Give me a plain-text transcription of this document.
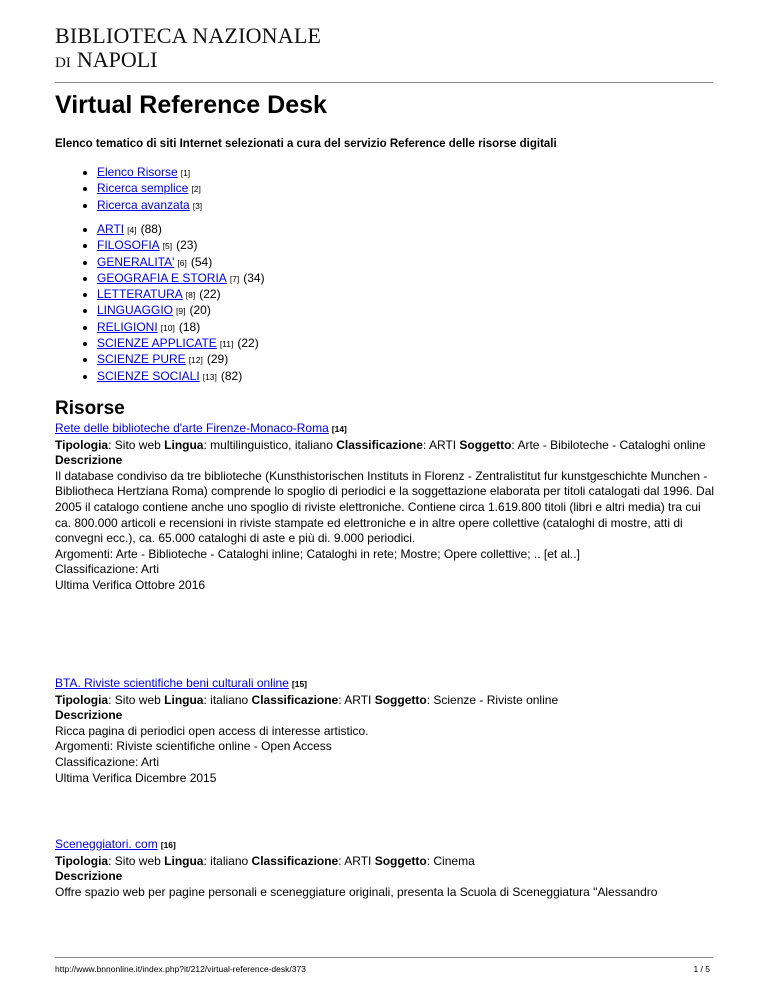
BIBLIOTECA NAZIONALE
DI NAPOLI
Virtual Reference Desk
Elenco tematico di siti Internet selezionati a cura del servizio Reference delle risorse digitali
• Elenco Risorse [1]
• Ricerca semplice [2]
• Ricerca avanzata [3]
• ARTI [4] (88)
• FILOSOFIA [5] (23)
• GENERALITA' [6] (54)
• GEOGRAFIA E STORIA [7] (34)
• LETTERATURA [8] (22)
• LINGUAGGIO [9] (20)
• RELIGIONI [10] (18)
• SCIENZE APPLICATE [11] (22)
• SCIENZE PURE [12] (29)
• SCIENZE SOCIALI [13] (82)
Risorse

Rete delle biblioteche d'arte Firenze-Monaco-Roma [14]

Tipologia: Sito web Lingua: multilinguistico, italiano Classificazione: ARTI Soggetto: Arte - Bibiloteche - Cataloghi online

Descrizione

Il database condiviso da tre biblioteche (Kunsthistorischen Instituts in Florenz - Zentralistitut fur kunstgeschichte Munchen - Bibliotheca Hertziana Roma) comprende lo spoglio di periodici e la soggettazione elaborata per titoli catalogati dal 1996. Dal 2005 il catalogo contiene anche uno spoglio di riviste elettroniche. Contiene circa 1.619.800 titoli (libri e altri media) tra cui ca. 800.000 articoli e recensioni in riviste stampate ed elettroniche e in altre opere collettive (cataloghi di mostre, atti di convegni ecc.), ca. 65.000 cataloghi di aste e più di. 9.000 periodici.

Argomenti: Arte - Biblioteche - Cataloghi inline; Cataloghi in rete; Mostre; Opere collettive; .. [et al..]

Classificazione: Arti

Ultima Verifica Ottobre 2016

BTA. Riviste scientifiche beni culturali online [15]

Tipologia: Sito web Lingua: italiano Classificazione: ARTI Soggetto: Scienze - Riviste online

Descrizione

Ricca pagina di periodici open access di interesse artistico.

Argomenti: Riviste scientifiche online - Open Access

Classificazione: Arti

Ultima Verifica Dicembre 2015

Sceneggiatori. com [16]

Tipologia: Sito web Lingua: italiano Classificazione: ARTI Soggetto: Cinema

Descrizione

Offre spazio web per pagine personali e sceneggiature originali, presenta la Scuola di Sceneggiatura "Alessandro

http://www.bnnonline.it/index.php?it/212/virtual-reference-desk/373	1 / 5
